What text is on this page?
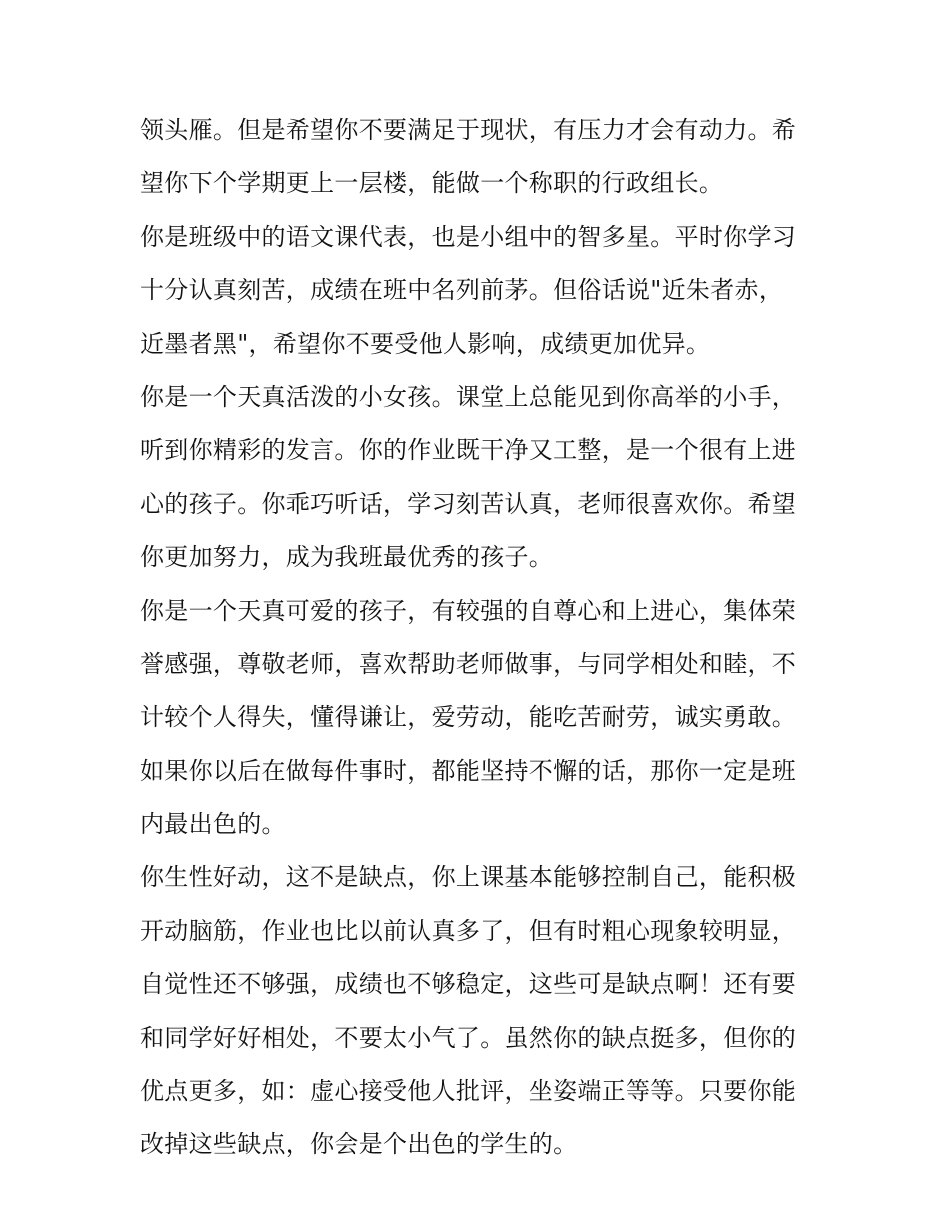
领头雁。但是希望你不要满足于现状，有压力才会有动力。希
望你下个学期更上一层楼，能做一个称职的行政组长。
你是班级中的语文课代表，也是小组中的智多星。平时你学习
十分认真刻苦，成绩在班中名列前茅。但俗话说"近朱者赤，
近墨者黑"，希望你不要受他人影响，成绩更加优异。
你是一个天真活泼的小女孩。课堂上总能见到你高举的小手，
听到你精彩的发言。你的作业既干净又工整，是一个很有上进
心的孩子。你乖巧听话，学习刻苦认真，老师很喜欢你。希望
你更加努力，成为我班最优秀的孩子。
你是一个天真可爱的孩子，有较强的自尊心和上进心，集体荣
誉感强，尊敬老师，喜欢帮助老师做事，与同学相处和睦，不
计较个人得失，懂得谦让，爱劳动，能吃苦耐劳，诚实勇敢。
如果你以后在做每件事时，都能坚持不懈的话，那你一定是班
内最出色的。
你生性好动，这不是缺点，你上课基本能够控制自己，能积极
开动脑筋，作业也比以前认真多了，但有时粗心现象较明显，
自觉性还不够强，成绩也不够稳定，这些可是缺点啊！还有要
和同学好好相处，不要太小气了。虽然你的缺点挺多，但你的
优点更多，如：虚心接受他人批评，坐姿端正等等。只要你能
改掉这些缺点，你会是个出色的学生的。
